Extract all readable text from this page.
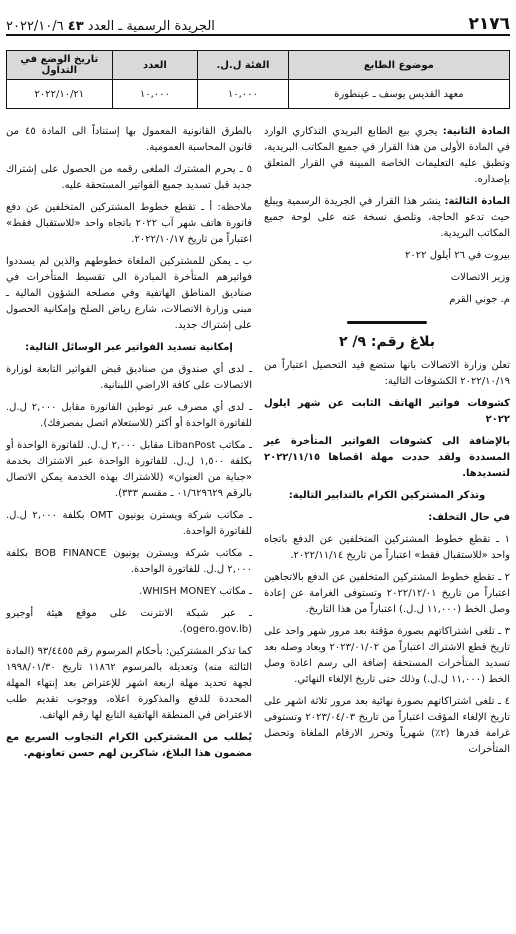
٢١٧٦
الجريدة الرسمية ـ العدد ٤٣ ٢٠٢٢/١٠/٦
موضوع الطابع	الفئة ل.ل.	العدد	تاريخ الوضع في التداول
معهد القديس يوسف ـ عينطورة	١٠,٠٠٠	١٠,٠٠٠	٢٠٢٢/١٠/٢١

المادة الثانية: يجري بيع الطابع البريدي التذكاري الوارد في المادة الأولى من هذا القرار في جميع المكاتب البريدية، وتطبق عليه التعليمات الخاصة المبينة في القرار المتعلق بإصداره.

المادة الثالثة: ينشر هذا القرار في الجريدة الرسمية ويبلغ حيث تدعو الحاجة، وتلصق نسخة عنه على لوحة جميع المكاتب البريدية.

بيروت في ٢٦ أيلول ٢٠٢٢

وزير الاتصالات

م. جوني القرم

بلاغ رقم: ٩/ ٢

تعلن وزارة الاتصالات بانها ستضع قيد التحصيل اعتباراً من ٢٠٢٢/١٠/١٩ الكشوفات التالية:

كشوفات فواتير الهاتف الثابت عن شهر ايلول ٢٠٢٢

بالإضافة الى كشوفات الفواتير المتأخرة غير المسددة ولقد حددت مهلة اقصاها ٢٠٢٢/١١/١٥ لتسديدها.

وتذكر المشتركين الكرام بالتدابير التالية:

في حال التخلف:

١ ـ تقطع خطوط المشتركين المتخلفين عن الدفع باتجاه واحد «للاستقبال فقط» اعتباراً من تاريخ ٢٠٢٢/١١/١٤.

٢ ـ تقطع خطوط المشتركين المتخلفين عن الدفع بالاتجاهين اعتباراً من تاريخ ٢٠٢٢/١٢/٠١ وتستوفى الغرامة عن إعادة وصل الخط (١١,٠٠٠ ل.ل.) اعتباراً من هذا التاريخ.

٣ ـ تلغى اشتراكاتهم بصورة مؤقتة بعد مرور شهر واحد على تاريخ قطع الاشتراك اعتباراً من ٢٠٢٣/٠١/٠٢ ويعاد وصله بعد تسديد المتأخرات المستحقة إضافة الى رسم اعادة وصل الخط (١١,٠٠٠ ل.ل.) وذلك حتى تاريخ الإلغاء النهائي.

٤ ـ تلغى اشتراكاتهم بصورة نهائية بعد مرور ثلاثة اشهر على تاريخ الإلغاء المؤقت اعتباراً من تاريخ ٢٠٢٣/٠٤/٠٣ وتستوفى غرامة قدرها (٢٪) شهرياً وتحرر الارقام الملغاة وتحصل المتأخرات

بالطرق القانونية المعمول بها إستناداً الى المادة ٤٥ من قانون المحاسبة العمومية.

٥ ـ يحرم المشترك الملغى رقمه من الحصول على إشتراك جديد قبل تسديد جميع الفواتير المستحقة عليه.

ملاحظة: أ ـ تقطع خطوط المشتركين المتخلفين عن دفع فاتورة هاتف شهر آب ٢٠٢٢ باتجاه واحد «للاستقبال فقط» اعتباراً من تاريخ ٢٠٢٢/١٠/١٧.

ب ـ يمكن للمشتركين الملغاة خطوطهم والذين لم يسددوا فواتيرهم المتأخرة المبادرة الى تقسيط المتأخرات في صناديق المناطق الهاتفية وفي مصلحة الشؤون المالية ـ مبنى وزارة الاتصالات، شارع رياض الصلح وإمكانية الحصول على إشتراك جديد.

إمكانية تسديد الفواتير عبر الوسائل التالية:

ـ لدى أي صندوق من صناديق قبض الفواتير التابعة لوزارة الاتصالات على كافة الاراضي اللبنانية.

ـ لدى أي مصرف عبر توطين الفاتورة مقابل ٢,٠٠٠ ل.ل. للفاتورة الواحدة أو أكثر (للاستعلام اتصل بمصرفك).

ـ مكاتب LibanPost مقابل ٢,٠٠٠ ل.ل. للفاتورة الواحدة أو بكلفة ١,٥٠٠ ل.ل. للفاتورة الواحدة عبر الاشتراك بخدمة «جباية من العنوان» (للاشتراك بهذه الخدمة يمكن الاتصال بالرقم ٠١/٦٢٩٦٢٩ ـ مقسم ٣٣٣).

ـ مكاتب شركة ويسترن يونيون OMT بكلفة ٢,٠٠٠ ل.ل. للفاتورة الواحدة.

ـ مكاتب شركة ويسترن يونيون BOB FINANCE بكلفة ٢,٠٠٠ ل.ل. للفاتورة الواحدة.

ـ مكاتب WHISH MONEY.

ـ عبر شبكة الانترنت على موقع هيئة أوجيرو (ogero.gov.lb).

كما تذكر المشتركين: بأحكام المرسوم رقم ٩٣/٤٤٥٥ (المادة الثالثة منه) وتعديله بالمرسوم ١١٨٦٢ تاريخ ١٩٩٨/٠١/٣٠ لجهة تحديد مهلة اربعة اشهر للإعتراض بعد إنتهاء المهلة المحددة للدفع والمذكورة اعلاه، ووجوب تقديم طلب الاعتراض في المنطقة الهاتفية التابع لها رقم الهاتف.

يُطلب من المشتركين الكرام التجاوب السريع مع مضمون هذا البلاغ، شاكرين لهم حسن تعاونهم.
